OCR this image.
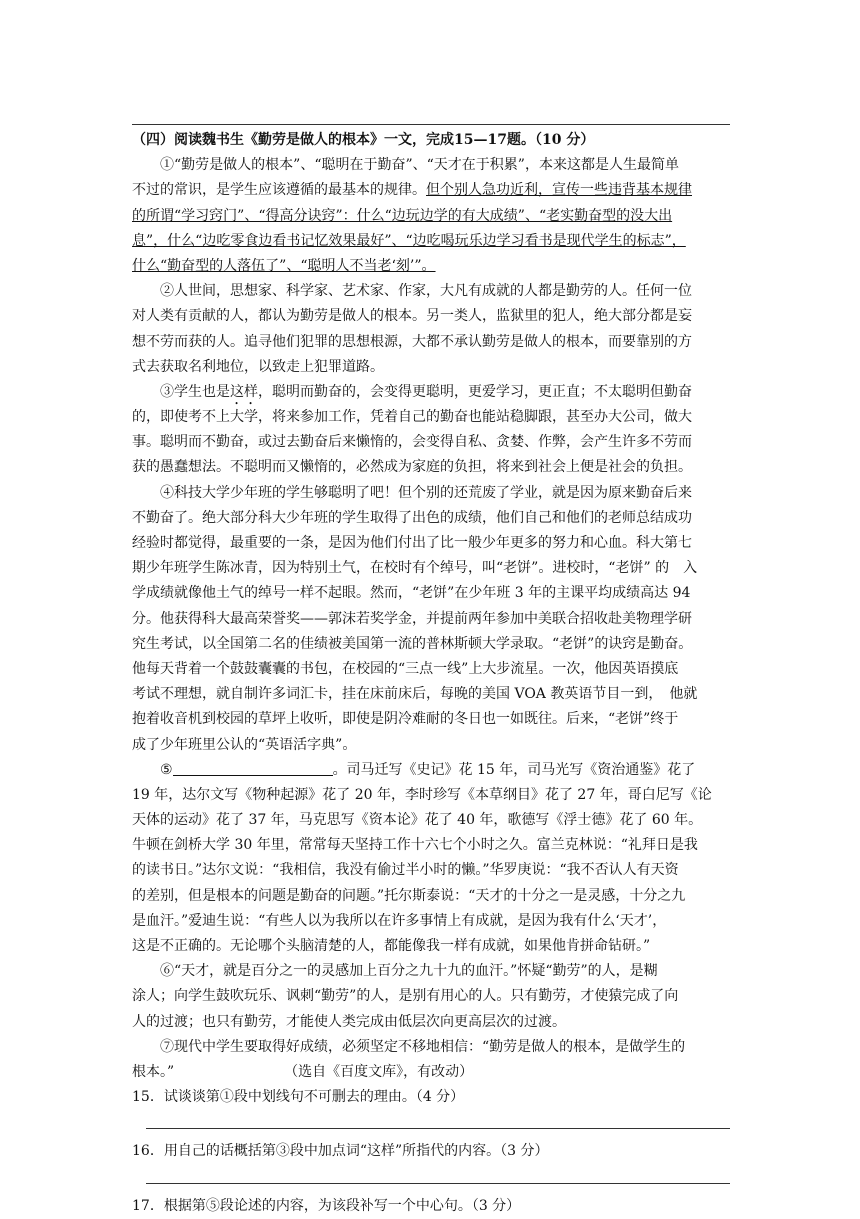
（四）阅读魏书生《勤劳是做人的根本》一文，完成15—17题。（10 分）
①“勤劳是做人的根本”、“聪明在于勤奋”、“天才在于积累”，本来这都是人生最简单
不过的常识，是学生应该遵循的最基本的规律。但个别人急功近利，宣传一些违背基本规律
的所谓“学习窍门”、“得高分诀窍”：什么“边玩边学的有大成绩”、“老实勤奋型的没大出
息”，什么“边吃零食边看书记忆效果最好”、“边吃喝玩乐边学习看书是现代学生的标志”，
什么“勤奋型的人落伍了”、“聪明人不当老‘刻’”。
②人世间，思想家、科学家、艺术家、作家，大凡有成就的人都是勤劳的人。任何一位
对人类有贡献的人，都认为勤劳是做人的根本。另一类人，监狱里的犯人，绝大部分都是妄
想不劳而获的人。追寻他们犯罪的思想根源，大都不承认勤劳是做人的根本，而要靠别的方
式去获取名利地位，以致走上犯罪道路。
③学生也是这样，聪明而勤奋的，会变得更聪明，更爱学习，更正直；不太聪明但勤奋
的，即使考不上大学，将来参加工作，凭着自己的勤奋也能站稳脚跟，甚至办大公司，做大
事。聪明而不勤奋，或过去勤奋后来懒惰的，会变得自私、贪婪、作弊，会产生许多不劳而
获的愚蠢想法。不聪明而又懒惰的，必然成为家庭的负担，将来到社会上便是社会的负担。
④科技大学少年班的学生够聪明了吧！但个别的还荒废了学业，就是因为原来勤奋后来
不勤奋了。绝大部分科大少年班的学生取得了出色的成绩，他们自己和他们的老师总结成功
经验时都觉得，最重要的一条，是因为他们付出了比一般少年更多的努力和心血。科大第七
期少年班学生陈冰青，因为特别土气，在校时有个绰号，叫“老饼”。进校时，“老饼” 的　入
学成绩就像他土气的绰号一样不起眼。然而，“老饼”在少年班 3 年的主课平均成绩高达 94
分。他获得科大最高荣誉奖——郭沫若奖学金，并提前两年参加中美联合招收赴美物理学研
究生考试，以全国第二名的佳绩被美国第一流的普林斯顿大学录取。“老饼”的诀窍是勤奋。
他每天背着一个鼓鼓囊囊的书包，在校园的“三点一线”上大步流星。一次，他因英语摸底
考试不理想，就自制许多词汇卡，挂在床前床后，每晚的美国 VOA 教英语节目一到，　他就
抱着收音机到校园的草坪上收听，即使是阴冷难耐的冬日也一如既往。后来，“老饼”终于
成了少年班里公认的“英语活字典”。
⑤	。司马迁写《史记》花 15 年，司马光写《资治通鉴》花了
19 年，达尔文写《物种起源》花了 20 年，李时珍写《本草纲目》花了 27 年，哥白尼写《论
天体的运动》花了 37 年，马克思写《资本论》花了 40 年，歌德写《浮士德》花了 60 年。
牛顿在剑桥大学 30 年里，常常每天坚持工作十六七个小时之久。富兰克林说：“礼拜日是我
的读书日。”达尔文说：“我相信，我没有偷过半小时的懒。”华罗庚说：“我不否认人有天资
的差别，但是根本的问题是勤奋的问题。”托尔斯泰说：“天才的十分之一是灵感，十分之九
是血汗。”爱迪生说：“有些人以为我所以在许多事情上有成就，是因为我有什么‘天才’，
这是不正确的。无论哪个头脑清楚的人，都能像我一样有成就，如果他肯拼命钻研。”
⑥“天才，就是百分之一的灵感加上百分之九十九的血汗。”怀疑“勤劳”的人，是糊
涂人；向学生鼓吹玩乐、讽刺“勤劳”的人，是别有用心的人。只有勤劳，才使猿完成了向
人的过渡；也只有勤劳，才能使人类完成由低层次向更高层次的过渡。
⑦现代中学生要取得好成绩，必须坚定不移地相信：“勤劳是做人的根本，是做学生的
根本。”	（选自《百度文库》，有改动）
15．试谈谈第①段中划线句不可删去的理由。（4 分）
16．用自己的话概括第③段中加点词“这样”所指代的内容。（3 分）
17．根据第⑤段论述的内容，为该段补写一个中心句。（3 分）
